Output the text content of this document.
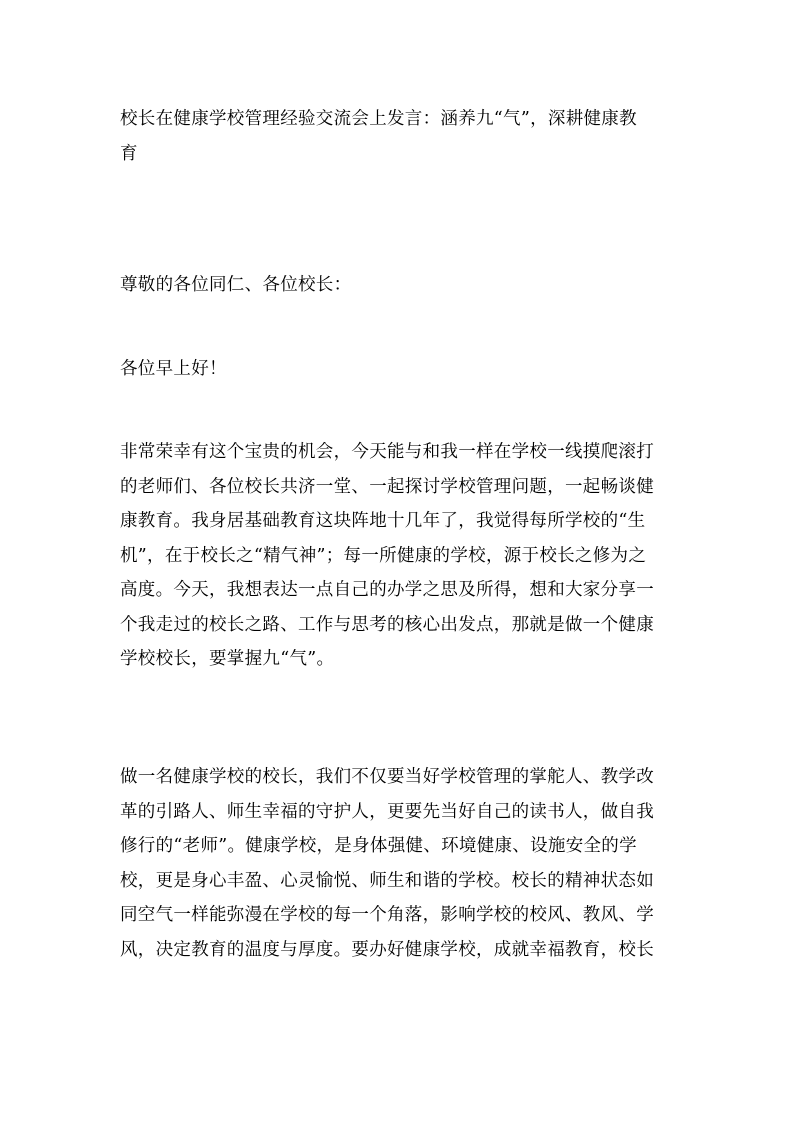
校长在健康学校管理经验交流会上发言：涵养九“气”，深耕健康教
育

尊敬的各位同仁、各位校长：

各位早上好！

非常荣幸有这个宝贵的机会，今天能与和我一样在学校一线摸爬滚打
的老师们、各位校长共济一堂、一起探讨学校管理问题，一起畅谈健
康教育。我身居基础教育这块阵地十几年了，我觉得每所学校的“生
机”，在于校长之“精气神”；每一所健康的学校，源于校长之修为之
高度。今天，我想表达一点自己的办学之思及所得，想和大家分享一
个我走过的校长之路、工作与思考的核心出发点，那就是做一个健康
学校校长，要掌握九“气”。

做一名健康学校的校长，我们不仅要当好学校管理的掌舵人、教学改
革的引路人、师生幸福的守护人，更要先当好自己的读书人，做自我
修行的“老师”。健康学校，是身体强健、环境健康、设施安全的学
校，更是身心丰盈、心灵愉悦、师生和谐的学校。校长的精神状态如
同空气一样能弥漫在学校的每一个角落，影响学校的校风、教风、学
风，决定教育的温度与厚度。要办好健康学校，成就幸福教育，校长
